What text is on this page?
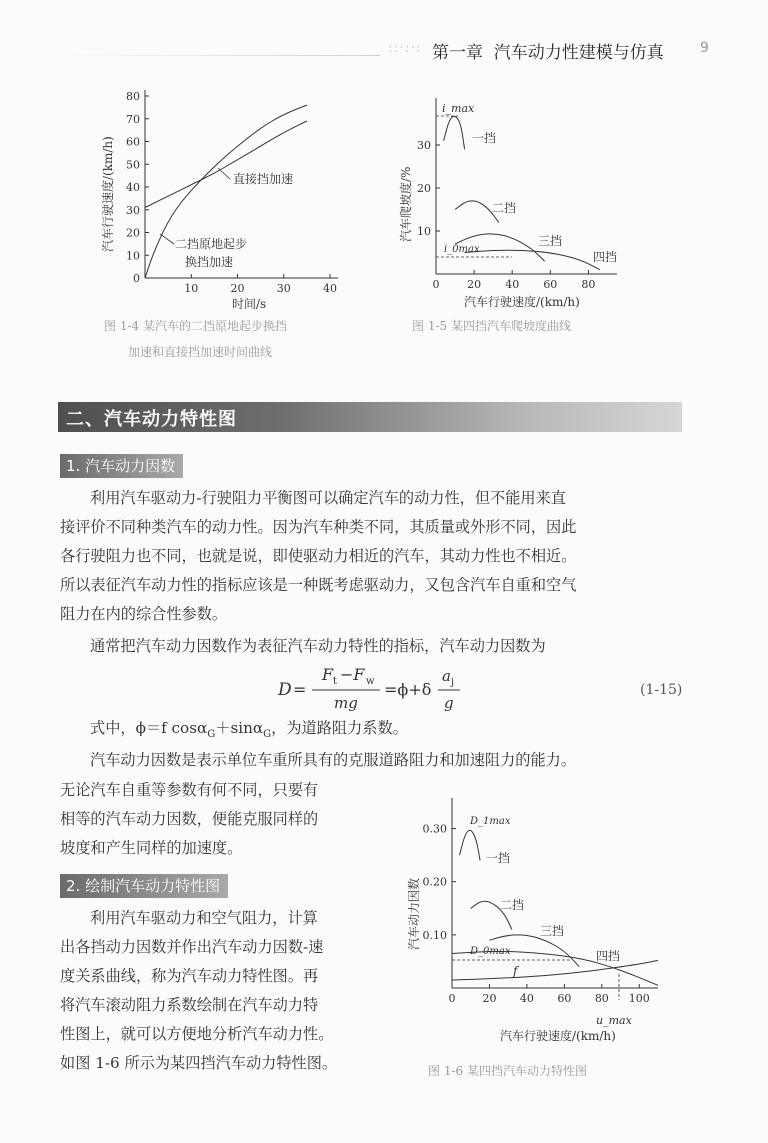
::·:·: 第一章  汽车动力性建模与仿真	9
0
10
20
30
40
50
60
70
80
10	20	30	40
时间/s
汽车行驶速度/(km/h)	直接挡加速
二挡原地起步
换挡加速
图 1-4 某汽车的二挡原地起步换挡
加速和直接挡加速时间曲线
10
20
30
0	20 40 60 80
i_max
一挡
二挡
三挡
四挡
i_0max
汽车行驶速度/(km/h)
汽车爬坡度/%
图 1-5 某四挡汽车爬坡度曲线
二、汽车动力特性图
1. 汽车动力因数

利用汽车驱动力-行驶阻力平衡图可以确定汽车的动力性，但不能用来直

接评价不同种类汽车的动力性。因为汽车种类不同，其质量或外形不同，因此

各行驶阻力也不同，也就是说，即使驱动力相近的汽车，其动力性也不相近。

所以表征汽车动力性的指标应该是一种既考虑驱动力，又包含汽车自重和空气

阻力在内的综合性参数。

通常把汽车动力因数作为表征汽车动力特性的指标，汽车动力因数为

D =
F t −F w
mg
=ϕ+δ
a j
g
(1-15)

式中，ϕ＝f cosα$_G$＋sinα$_G$，为道路阻力系数。

汽车动力因数是表示单位车重所具有的克服道路阻力和加速阻力的能力。

无论汽车自重等参数有何不同，只要有

相等的汽车动力因数，便能克服同样的

坡度和产生同样的加速度。

2. 绘制汽车动力特性图

利用汽车驱动力和空气阻力，计算

出各挡动力因数并作出汽车动力因数-速

度关系曲线，称为汽车动力特性图。再

将汽车滚动阻力系数绘制在汽车动力特

性图上，就可以方便地分析汽车动力性。

如图 1-6 所示为某四挡汽车动力特性图。

0.10
0.20
0.30
0 20 40 60 80 100
D_1max
一挡
二挡
三挡
四挡
D_0max
f
u_max
汽车行驶速度/(km/h)
汽车动力因数
图 1-6 某四挡汽车动力特性图
